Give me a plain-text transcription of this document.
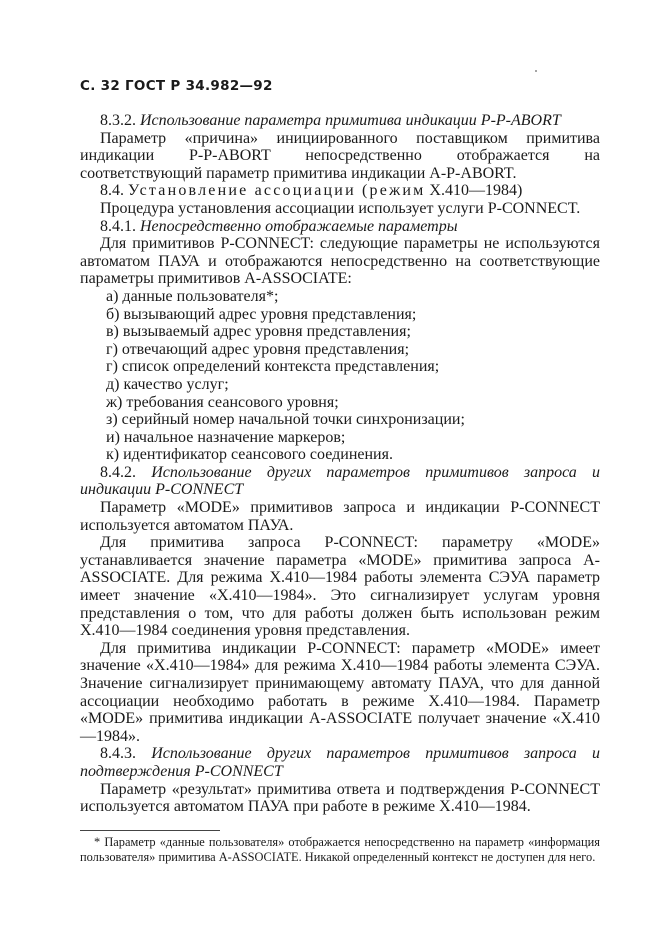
С. 32 ГОСТ Р 34.982—92

8.3.2. Использование параметра примитива индикации P-P-ABORT

Параметр «причина» инициированного поставщиком примитива индикации P-P-ABORT непосредственно отображается на соответствующий параметр примитива индикации A-P-ABORT.

8.4. Установление ассоциации (режим X.410—1984)

Процедура установления ассоциации использует услуги P-CONNECT.

8.4.1. Непосредственно отображаемые параметры

Для примитивов P-CONNECT: следующие параметры не используются автоматом ПАУА и отображаются непосредственно на соответствующие параметры примитивов A-ASSOCIATE:

а) данные пользователя*;
б) вызывающий адрес уровня представления;
в) вызываемый адрес уровня представления;
г) отвечающий адрес уровня представления;
г) список определений контекста представления;
д) качество услуг;
ж) требования сеансового уровня;
з) серийный номер начальной точки синхронизации;
и) начальное назначение маркеров;
к) идентификатор сеансового соединения.

8.4.2. Использование других параметров примитивов запроса и индикации P-CONNECT

Параметр «MODE» примитивов запроса и индикации P-CONNECT используется автоматом ПАУА.

Для примитива запроса P-CONNECT: параметру «MODE» устанавливается значение параметра «MODE» примитива запроса A-ASSOCIATE. Для режима X.410—1984 работы элемента СЭУА параметр имеет значение «X.410—1984». Это сигнализирует услугам уровня представления о том, что для работы должен быть использован режим X.410—1984 соединения уровня представления.

Для примитива индикации P-CONNECT: параметр «MODE» имеет значение «X.410—1984» для режима X.410—1984 работы элемента СЭУА. Значение сигнализирует принимающему автомату ПАУА, что для данной ассоциации необходимо работать в режиме X.410—1984. Параметр «MODE» примитива индикации A-ASSOCIATE получает значение «X.410—1984».

8.4.3. Использование других параметров примитивов запроса и подтверждения P-CONNECT

Параметр «результат» примитива ответа и подтверждения P-CONNECT используется автоматом ПАУА при работе в режиме X.410—1984.

* Параметр «данные пользователя» отображается непосредственно на параметр «информация пользователя» примитива A-ASSOCIATE. Никакой определенный контекст не доступен для него.
